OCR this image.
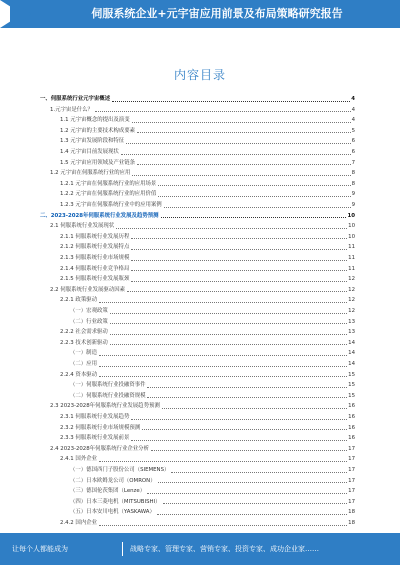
伺服系统企业+元宇宙应用前景及布局策略研究报告
内容目录
一、伺服系统行业元宇宙概述	4
1.元宇宙是什么？	4
1.1 元宇宙概念的提出及演变	4
1.2 元宇宙的主要技术构成要素	5
1.3 元宇宙发展阶段和特征	6
1.4 元宇宙目前发展现状	6
1.5 元宇宙应用领域及产业链条	7
1.2 元宇宙在伺服系统行业的应用	8
1.2.1 元宇宙在伺服系统行业的应用场景	8
1.2.2 元宇宙在伺服系统行业的应用价值	9
1.2.3 元宇宙在伺服系统行业中的应用案例	9
二、2023-2028年伺服系统行业发展及趋势预测	10
2.1 伺服系统行业发展现状	10
2.1.1 伺服系统行业发展历程	10
2.1.2 伺服系统行业发展特点	11
2.1.3 伺服系统行业市场规模	11
2.1.4 伺服系统行业竞争格局	11
2.1.5 伺服系统行业发展瓶颈	12
2.2 伺服系统行业发展驱动因素	12
2.2.1 政策驱动	12
（一）宏观政策	12
（二）行业政策	13
2.2.2 社会需求驱动	13
2.2.3 技术创新驱动	14
（一）制造	14
（二）应用	14
2.2.4 资本驱动	15
（一）伺服系统行业投融资事件	15
（二）伺服系统行业投融资规模	15
2.3 2023-2028年伺服系统行业发展趋势预测	16
2.3.1 伺服系统行业发展趋势	16
2.3.2 伺服系统行业市场规模预测	16
2.3.3 伺服系统行业发展前景	16
2.4 2023-2028年伺服系统行业企业分析	17
2.4.1 国外企业	17
（一）德国西门子股份公司（SIEMENS）	17
（二）日本欧姆龙公司（OMRON）	17
（三）德国伦茨集团（Lenze）	17
（四）日本三菱电机（MITSUBISHI）	17
（五）日本安川电机（YASKAWA）	18
2.4.2 国内企业	18
让每个人都能成为	战略专家、管理专家、营销专家、投资专家、成功企业家……
